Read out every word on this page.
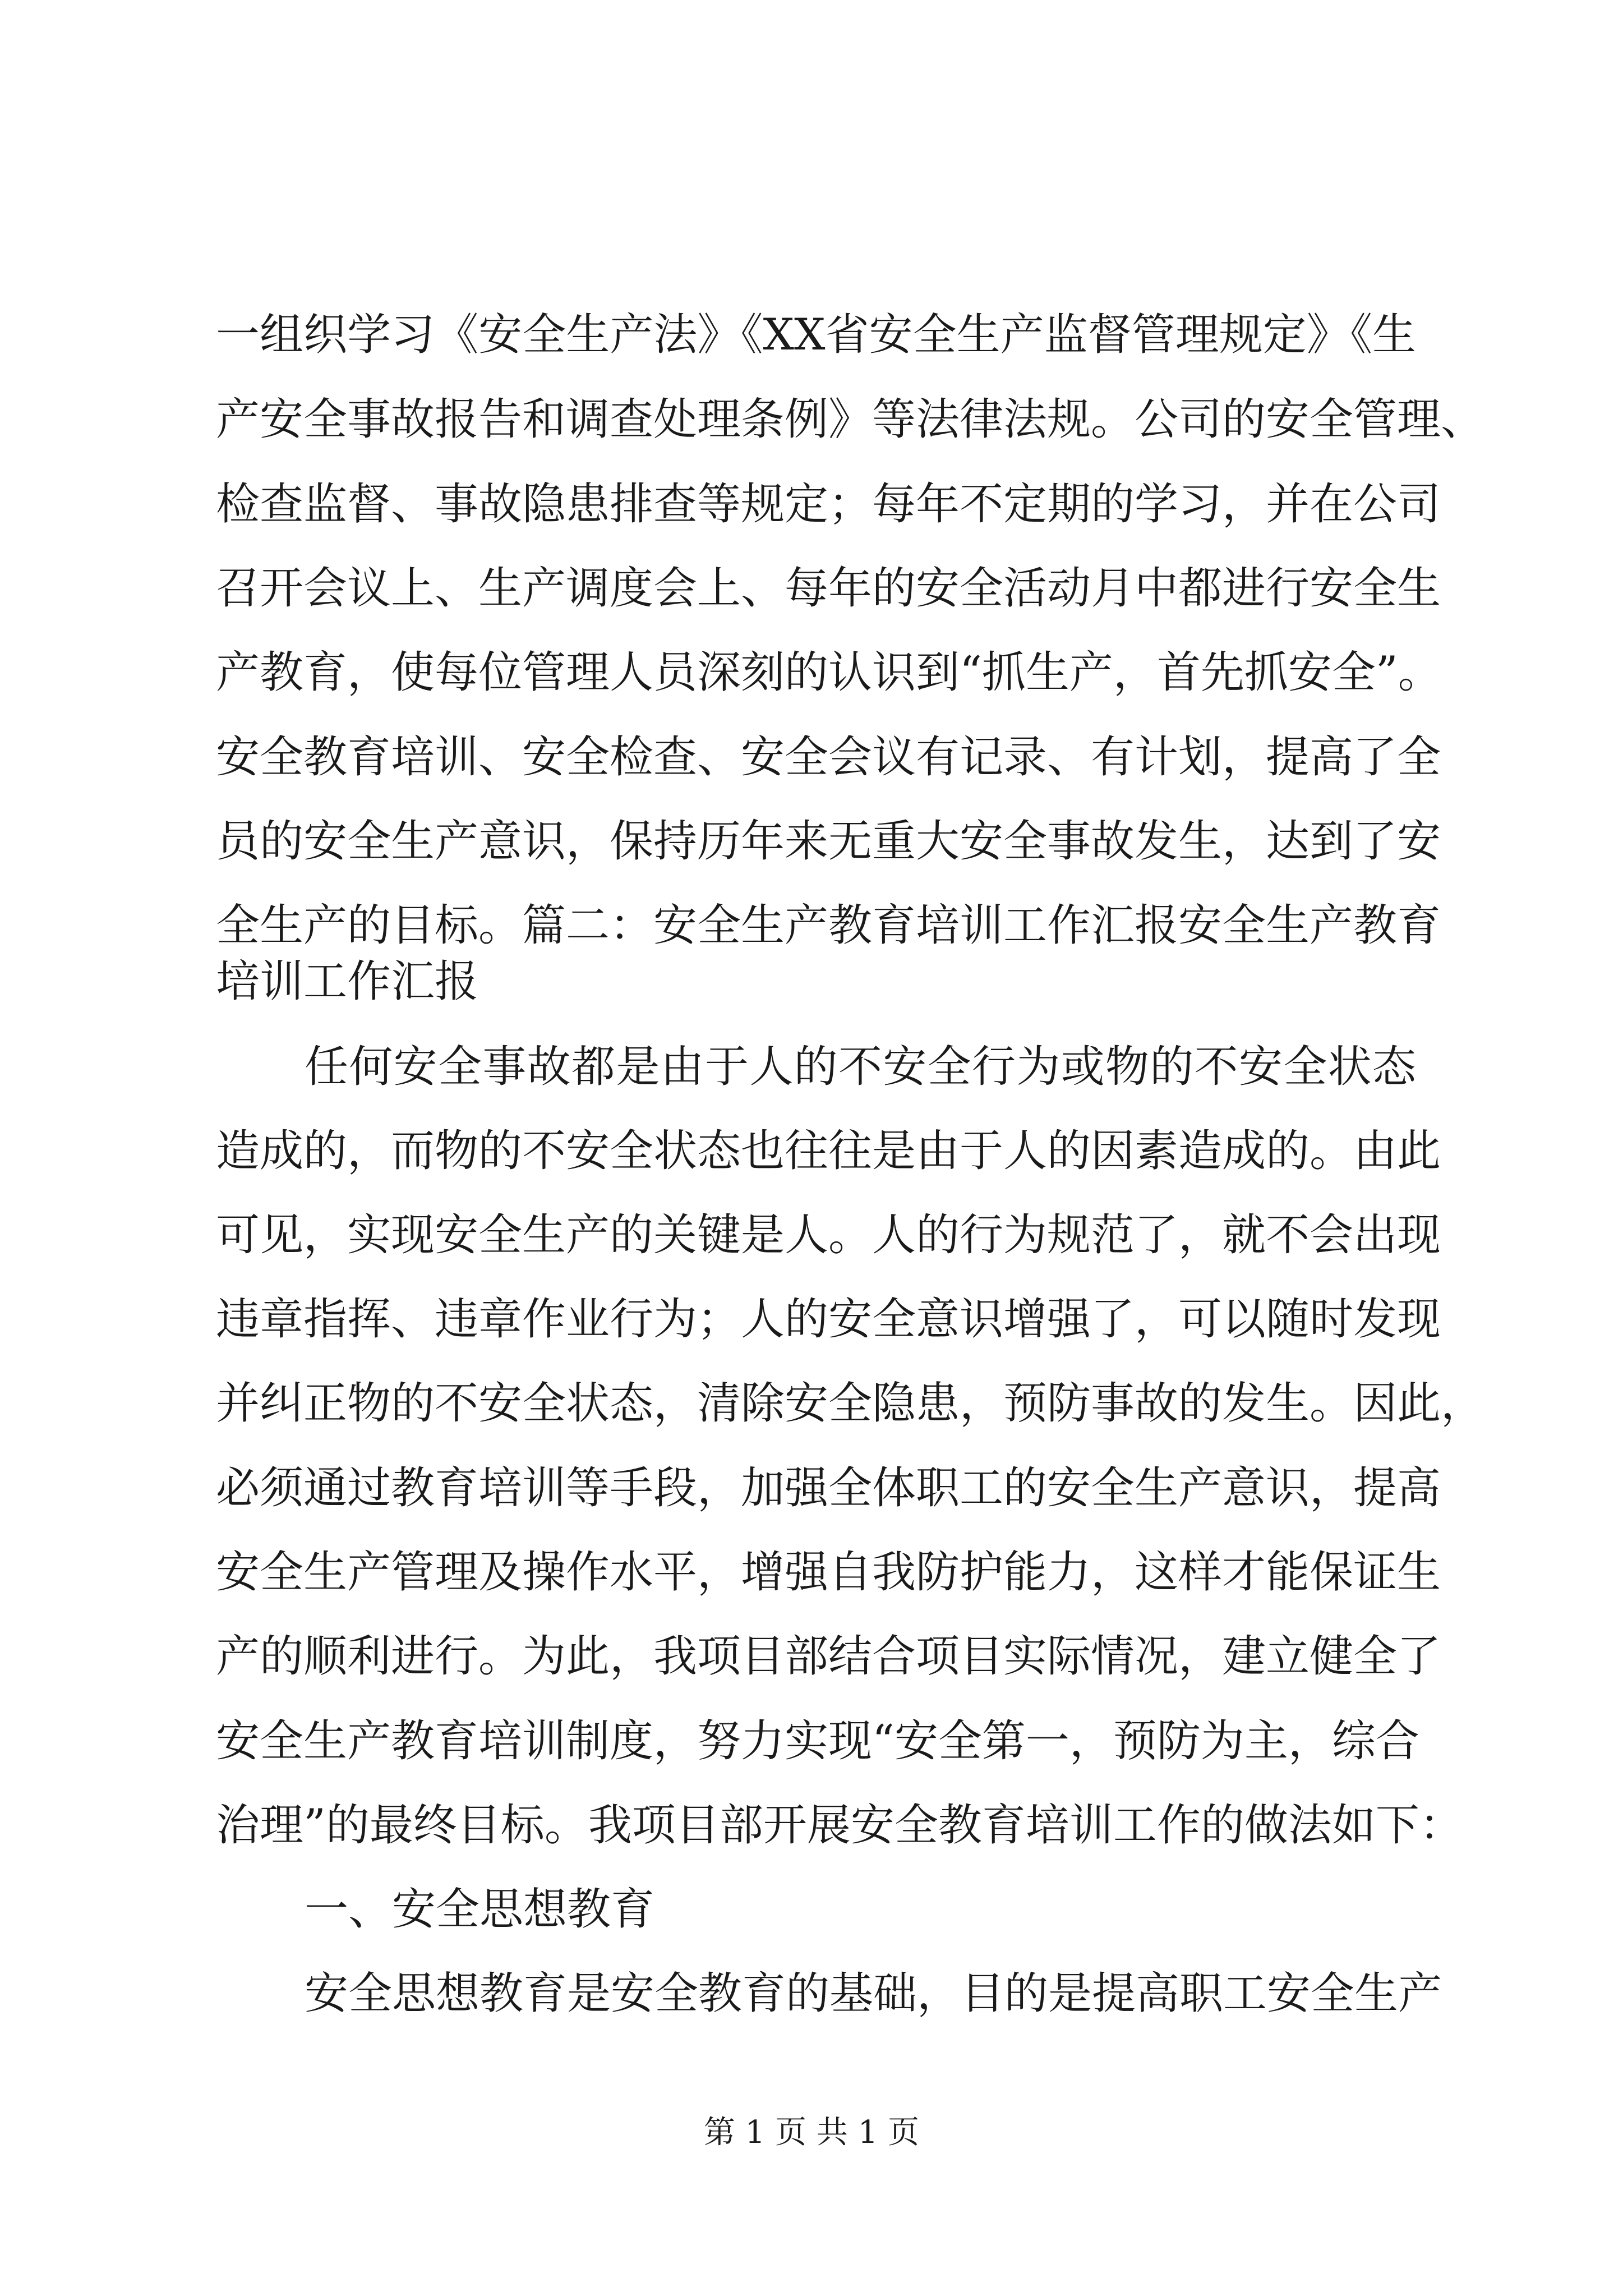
一组织学习《安全生产法》《XX省安全生产监督管理规定》《生
产安全事故报告和调查处理条例》等法律法规。公司的安全管理、
检查监督、事故隐患排查等规定；每年不定期的学习，并在公司
召开会议上、生产调度会上、每年的安全活动月中都进行安全生
产教育，使每位管理人员深刻的认识到“抓生产，首先抓安全”。
安全教育培训、安全检查、安全会议有记录、有计划，提高了全
员的安全生产意识，保持历年来无重大安全事故发生，达到了安
全生产的目标。篇二：安全生产教育培训工作汇报安全生产教育
培训工作汇报
任何安全事故都是由于人的不安全行为或物的不安全状态
造成的，而物的不安全状态也往往是由于人的因素造成的。由此
可见，实现安全生产的关键是人。人的行为规范了，就不会出现
违章指挥、违章作业行为；人的安全意识增强了，可以随时发现
并纠正物的不安全状态，清除安全隐患，预防事故的发生。因此，
必须通过教育培训等手段，加强全体职工的安全生产意识，提高
安全生产管理及操作水平，增强自我防护能力，这样才能保证生
产的顺利进行。为此，我项目部结合项目实际情况，建立健全了
安全生产教育培训制度，努力实现“安全第一，预防为主，综合
治理”的最终目标。我项目部开展安全教育培训工作的做法如下：
一、安全思想教育
安全思想教育是安全教育的基础，目的是提高职工安全生产
第 1 页 共 1 页
